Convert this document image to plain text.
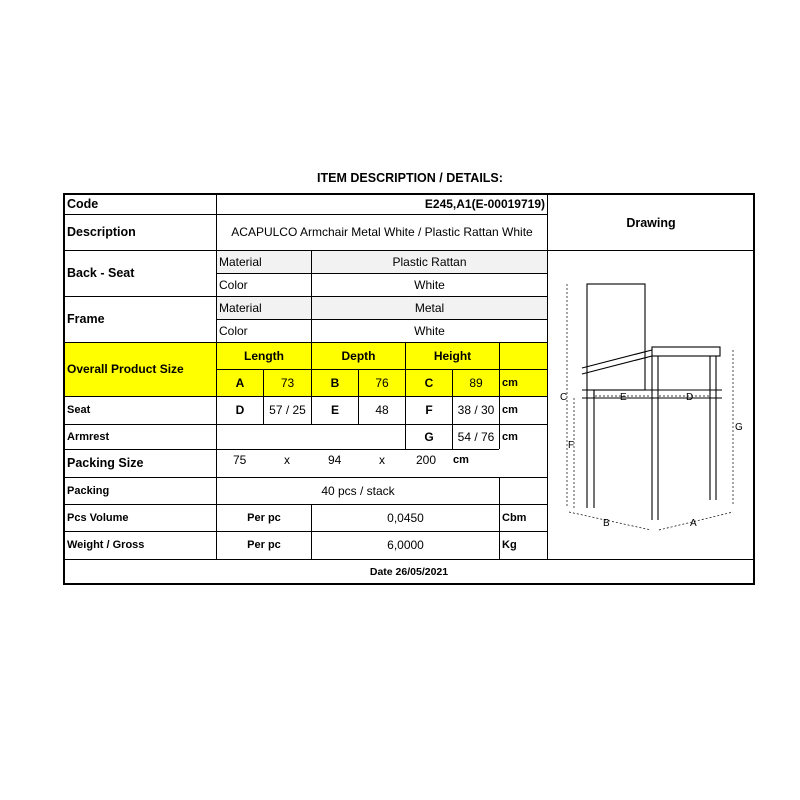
ITEM DESCRIPTION / DETAILS:
Code	E245,A1(E-00019719)
Description	ACAPULCO Armchair Metal White / Plastic Rattan White
Back - Seat
Material	Plastic Rattan
Color	White
Frame
Material	Metal
Color	White
Overall Product Size
Length	Depth	Height
A	73	B	76	C	89	cm
Seat	D	57 / 25	E	48	F	38 / 30 cm
Armrest	G	54 / 76 cm
Packing Size	75	x	94	x	200 cm
Packing	40 pcs / stack
Pcs Volume	Per pc	0,0450	Cbm
Weight / Gross	Per pc	6,0000	Kg
Drawing
C
F
G
E	D
B	A
Date 26/05/2021
